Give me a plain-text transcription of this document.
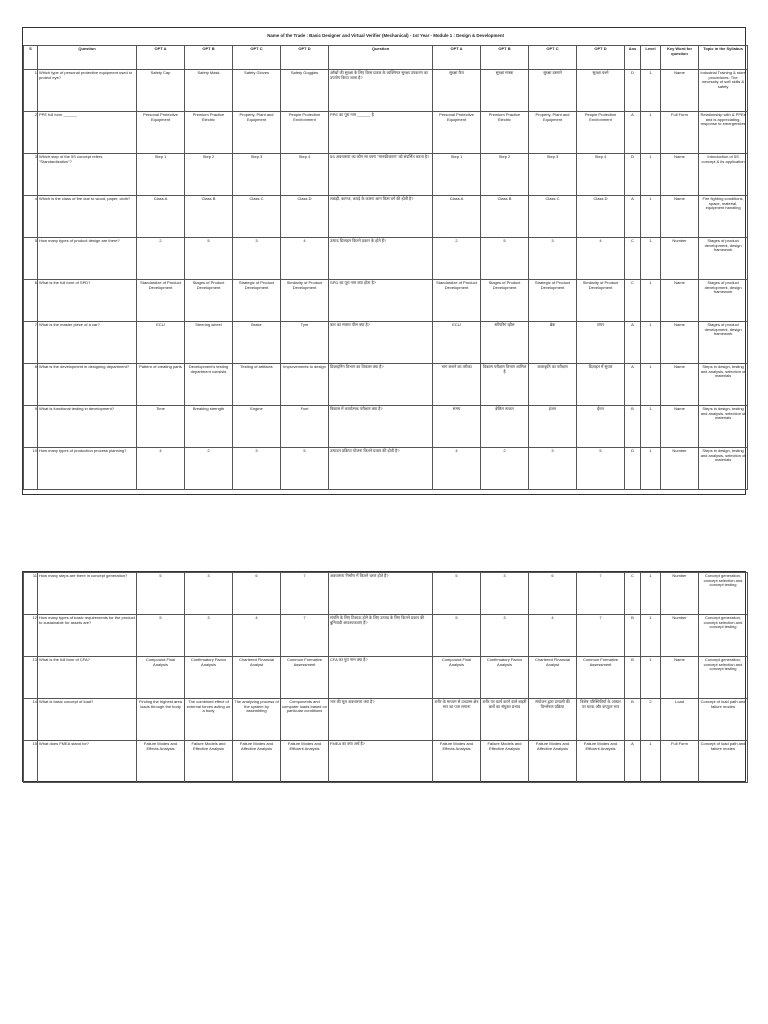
Name of the Trade : Basic Designer and Virtual Verifier (Mechanical) - 1st Year - Module 1 : Design & Development														
S	Question	OPT A	OPT B	OPT C	OPT D	Question	OPT A	OPT B	OPT C	OPT D	Ans	Level	Key Word for question	Topic in the Syllabus
1	Which type of personal protective equipment used to protect eye?	Safety Cap	Safety Mask	Safety Gloves	Safety Goggles	आँखों की सुरक्षा के लिए किस प्रकार के व्यक्तिगत सुरक्षा उपकरण का उपयोग किया जाता है?	सुरक्षा कैप	सुरक्षा मास्क	सुरक्षा दस्ताने	सुरक्षा चश्मे	D	1	Name	Industrial Training & store procedures. The necessity of soft skills & safety
2	PPE full form ______	Personal Protective Equipment	Premium Practice Electric	Property, Plant and Equipment	People Protective Environment	PPE का पूरा नाम ______ है	Personal Protective Equipment	Premium Practice Electric	Property, Plant and Equipment	People Protective Environment	A	1	Full Form	Relationship with & PPEs and is appreciating, response to emergencies
3	Which step of the 5S concept refers "Standardization"?	Step 1	Step 2	Step 3	Step 4	5S अवधारणा का कौन सा चरण "मानकीकरण" को संदर्भित करता है?	Step 1	Step 2	Step 3	Step 4	D	1	Name	Introduction of 5S concept & its application
4	Which is the class of fire due to wood, paper, cloth?	Class A	Class B	Class C	Class D	लकड़ी, कागज, कपड़े के कारण आग किस वर्ग की होती है?	Class A	Class B	Class C	Class D	A	1	Name	Fire fighting conditions, space, material, equipment handling
5	How many types of product design are there?	2	5	3	4	उत्पाद डिजाइन कितने प्रकार के होते हैं?	2	5	3	4	C	1	Number	Stages of product development, design framework
6	What is the full form of SPD?	Standardize of Product Development	Stages of Product Development	Strategic of Product Development	Similarity of Product Development	SPD का पूरा नाम क्या होता है?	Standardize of Product Development	Stages of Product Development	Strategic of Product Development	Similarity of Product Development	C	1	Name	Stages of product development, design framework
7	What is the master piece of a car?	ECU	Steering wheel	Brake	Tyre	कार का मास्टर पीस क्या है?	ECU	स्टीयरिंग व्हील	ब्रेक	टायर	A	1	Name	Stages of product development, design framework
8	What is the development in designing department?	Pattern of creating parts	Development's testing department consists	Testing of artifacts	Improvements to design	डिज़ाइनिंग विभाग का विकास क्या है?	भाग बनाने का तरीका	विकास परीक्षण विभाग शामिल है	कलाकृति का परीक्षण	डिज़ाइन में सुधार	A	1	Name	Steps in design, testing and analysis, selection of materials
9	What is functional testing in development?	Time	Breaking strength	Engine	Fuel	विकास में कार्यात्मक परीक्षण क्या है?	समय	ब्रेकिंग ताकत	इंजन	ईंधन	B	1	Name	Steps in design, testing and analysis, selection of materials
10	How many types of production process planning?	4	2	3	5	उत्पादन प्रक्रिया योजना कितने प्रकार की होती है?	4	2	3	5	D	1	Number	Steps in design, testing and analysis, selection of materials
11	How many steps are there in concept generation?	5	3	6	7	अवधारणा निर्माण में कितने चरण होते हैं?	5	3	6	7	C	1	Number	Concept generation, concept selection and concept testing
12	How many types of basic requirements for the product to sustainable for assets are?	5	3	4	7	संपत्ति के लिए टिकाऊ होने के लिए उत्पाद के लिए कितने प्रकार की बुनियादी आवश्यकताएं हैं?	5	3	4	7	B	1	Number	Concept generation, concept selection and concept testing
13	What is the full form of CFA?	Compound Final Analysis	Confirmatory Factor Analysis	Chartered Financial Analyst	Common Formative Assessment	CFA का पूरा नाम क्या है?	Compound Final Analysis	Confirmatory Factor Analysis	Chartered Financial Analyst	Common Formative Assessment	B	1	Name	Concept generation, concept selection and concept testing
14	What is basic concept of load?	Finding the highest area loads through the body	The combined effect of external forces acting on a body	The analyzing process of the system by assembling	Components and computer loads based on particular conditions	भार की मूल अवधारणा क्या है?	शरीर के माध्यम से उच्चतम क्षेत्र भार का पता लगाना	शरीर पर कार्य करने वाले बाहरी बलों का संयुक्त प्रभाव	संयोजन द्वारा प्रणाली की विश्लेषण प्रक्रिया	विशेष परिस्थितियों के आधार पर घटक और कंप्यूटर भार	B	2	Load	Concept of load path and failure modes
15	What does FMEA stand for?	Failure Modes and Effects Analysis	Failure Models and Effective Analysis	Failure Modes and Affective Analysis	Failure Modes and Efficient Analysis	FMEA का क्या अर्थ है?	Failure Modes and Effects Analysis	Failure Models and Effective Analysis	Failure Modes and Affective Analysis	Failure Modes and Efficient Analysis	A	1	Full Form	Concept of load path and failure modes
